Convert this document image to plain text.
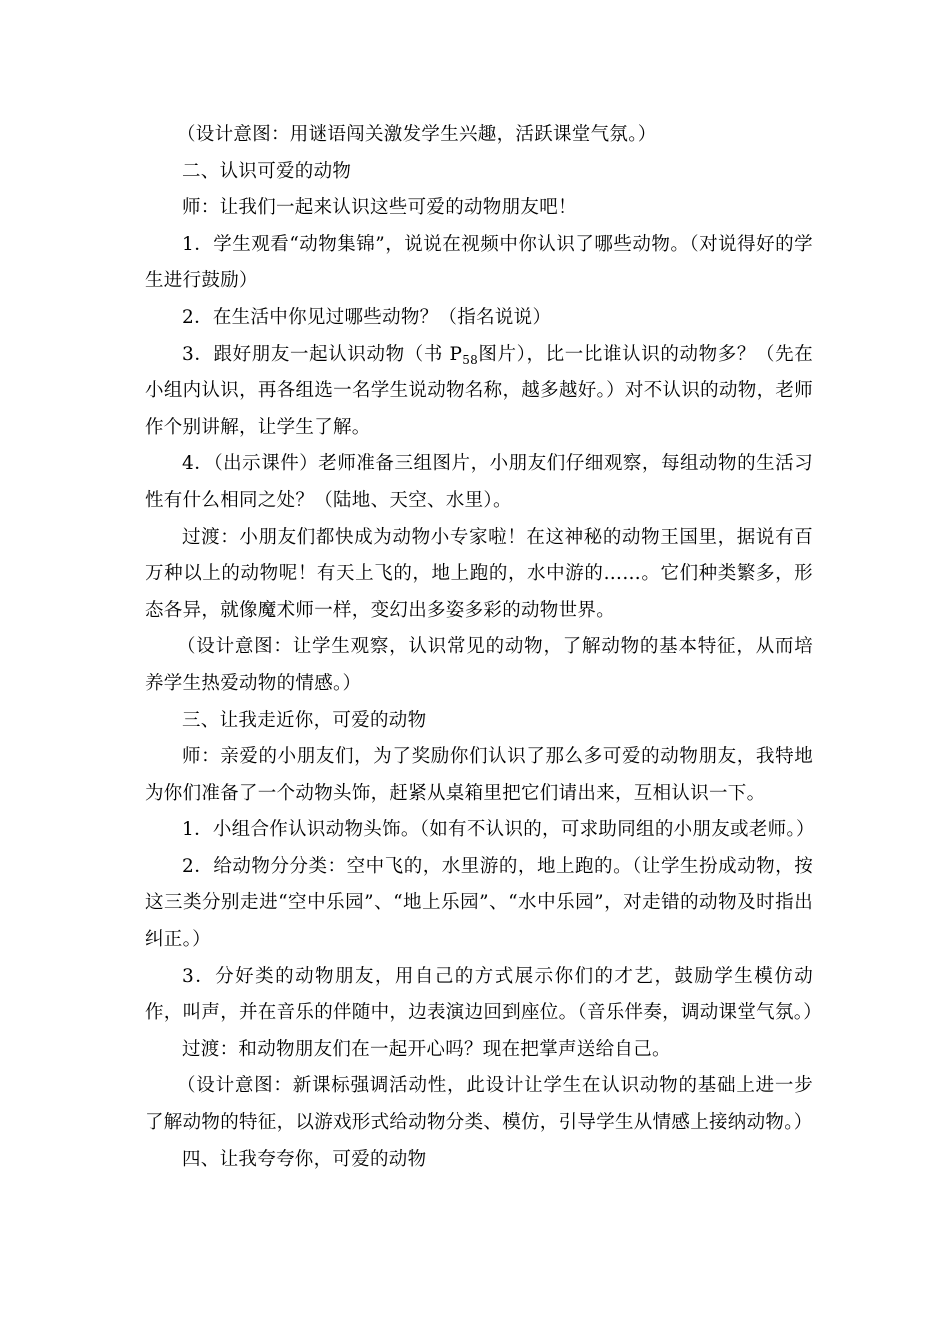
（设计意图：用谜语闯关激发学生兴趣，活跃课堂气氛。）

二、认识可爱的动物

师：让我们一起来认识这些可爱的动物朋友吧！

1．学生观看“动物集锦”，说说在视频中你认识了哪些动物。（对说得好的学生进行鼓励）

2．在生活中你见过哪些动物？（指名说说）

3．跟好朋友一起认识动物（书 $P_{58}$图片），比一比谁认识的动物多？（先在小组内认识，再各组选一名学生说动物名称，越多越好。）对不认识的动物，老师作个别讲解，让学生了解。

4．（出示课件）老师准备三组图片，小朋友们仔细观察，每组动物的生活习性有什么相同之处？（陆地、天空、水里）。

过渡：小朋友们都快成为动物小专家啦！在这神秘的动物王国里，据说有百万种以上的动物呢！有天上飞的，地上跑的，水中游的……。它们种类繁多，形态各异，就像魔术师一样，变幻出多姿多彩的动物世界。

（设计意图：让学生观察，认识常见的动物，了解动物的基本特征，从而培养学生热爱动物的情感。）

三、让我走近你，可爱的动物

师：亲爱的小朋友们，为了奖励你们认识了那么多可爱的动物朋友，我特地为你们准备了一个动物头饰，赶紧从桌箱里把它们请出来，互相认识一下。

1．小组合作认识动物头饰。（如有不认识的，可求助同组的小朋友或老师。）

2．给动物分分类：空中飞的，水里游的，地上跑的。（让学生扮成动物，按这三类分别走进“空中乐园”、“地上乐园”、“水中乐园”，对走错的动物及时指出纠正。）

3．分好类的动物朋友，用自己的方式展示你们的才艺，鼓励学生模仿动作，叫声，并在音乐的伴随中，边表演边回到座位。（音乐伴奏，调动课堂气氛。）

过渡：和动物朋友们在一起开心吗？现在把掌声送给自己。

（设计意图：新课标强调活动性，此设计让学生在认识动物的基础上进一步了解动物的特征，以游戏形式给动物分类、模仿，引导学生从情感上接纳动物。）

四、让我夸夸你，可爱的动物
